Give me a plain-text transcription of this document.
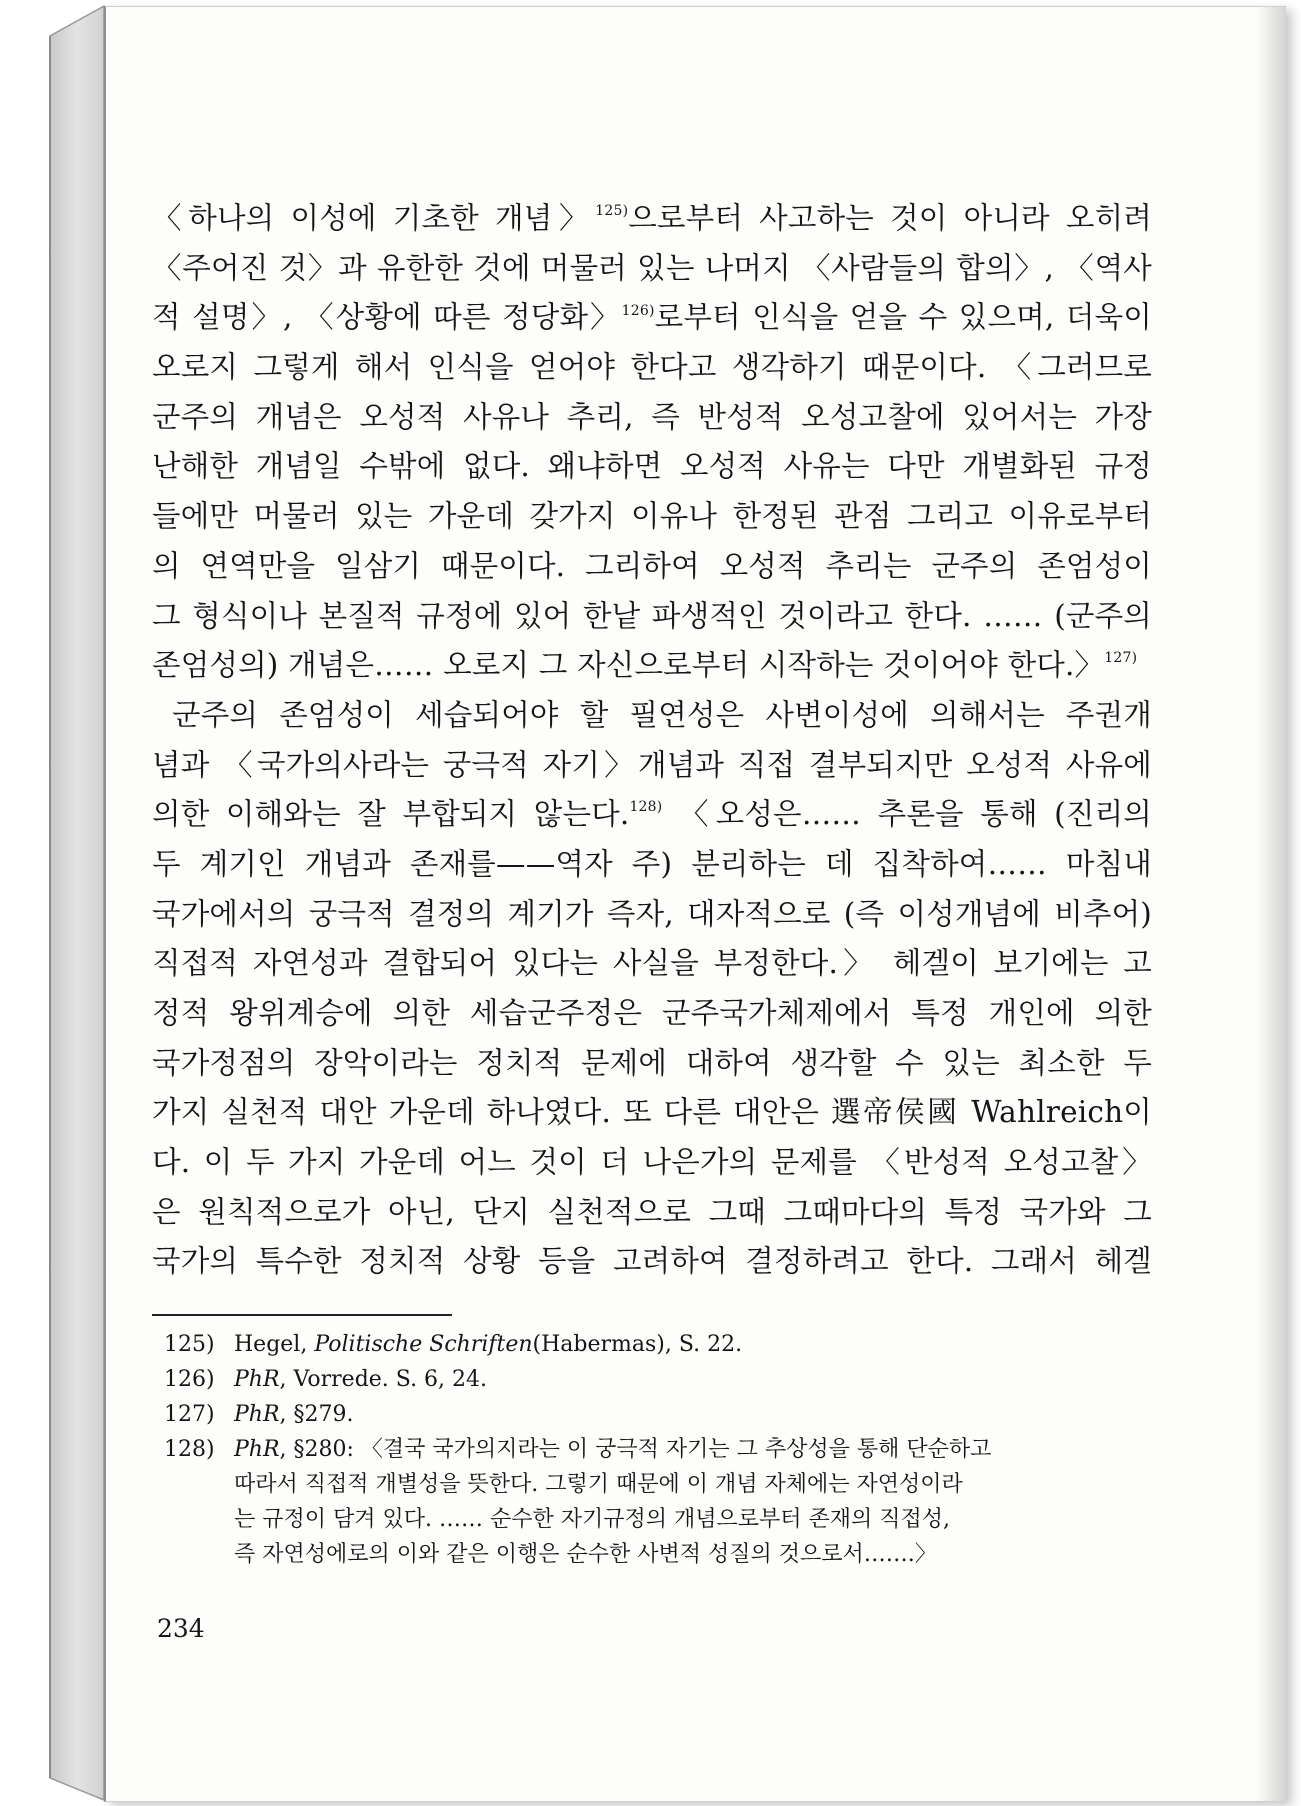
〈하나의 이성에 기초한 개념〉$^{125)}$으로부터 사고하는 것이 아니라 오히려
〈주어진 것〉과 유한한 것에 머물러 있는 나머지 〈사람들의 합의〉, 〈역사
적 설명〉, 〈상황에 따른 정당화〉$^{126)}$로부터 인식을 얻을 수 있으며, 더욱이
오로지 그렇게 해서 인식을 얻어야 한다고 생각하기 때문이다. 〈그러므로
군주의 개념은 오성적 사유나 추리, 즉 반성적 오성고찰에 있어서는 가장
난해한 개념일 수밖에 없다. 왜냐하면 오성적 사유는 다만 개별화된 규정
들에만 머물러 있는 가운데 갖가지 이유나 한정된 관점 그리고 이유로부터
의 연역만을 일삼기 때문이다. 그리하여 오성적 추리는 군주의 존엄성이
그 형식이나 본질적 규정에 있어 한낱 파생적인 것이라고 한다. …… (군주의
존엄성의) 개념은…… 오로지 그 자신으로부터 시작하는 것이어야 한다.〉$^{127)}$
군주의 존엄성이 세습되어야 할 필연성은 사변이성에 의해서는 주권개
념과 〈국가의사라는 궁극적 자기〉개념과 직접 결부되지만 오성적 사유에
의한 이해와는 잘 부합되지 않는다.$^{128)}$ 〈오성은…… 추론을 통해 (진리의
두 계기인 개념과 존재를——역자 주) 분리하는 데 집착하여…… 마침내
국가에서의 궁극적 결정의 계기가 즉자, 대자적으로 (즉 이성개념에 비추어)
직접적 자연성과 결합되어 있다는 사실을 부정한다.〉 헤겔이 보기에는 고
정적 왕위계승에 의한 세습군주정은 군주국가체제에서 특정 개인에 의한
국가정점의 장악이라는 정치적 문제에 대하여 생각할 수 있는 최소한 두
가지 실천적 대안 가운데 하나였다. 또 다른 대안은 選帝侯國 Wahlreich이
다. 이 두 가지 가운데 어느 것이 더 나은가의 문제를 〈반성적 오성고찰〉
은 원칙적으로가 아닌, 단지 실천적으로 그때 그때마다의 특정 국가와 그
국가의 특수한 정치적 상황 등을 고려하여 결정하려고 한다. 그래서 헤겔
125) Hegel, Politische Schriften(Habermas), S. 22.
126) PhR, Vorrede. S. 6, 24.
127) PhR, §279.
128) PhR, §280: 〈결국 국가의지라는 이 궁극적 자기는 그 추상성을 통해 단순하고
따라서 직접적 개별성을 뜻한다. 그렇기 때문에 이 개념 자체에는 자연성이라
는 규정이 담겨 있다. …… 순수한 자기규정의 개념으로부터 존재의 직접성,
즉 자연성에로의 이와 같은 이행은 순수한 사변적 성질의 것으로서…….〉
234
